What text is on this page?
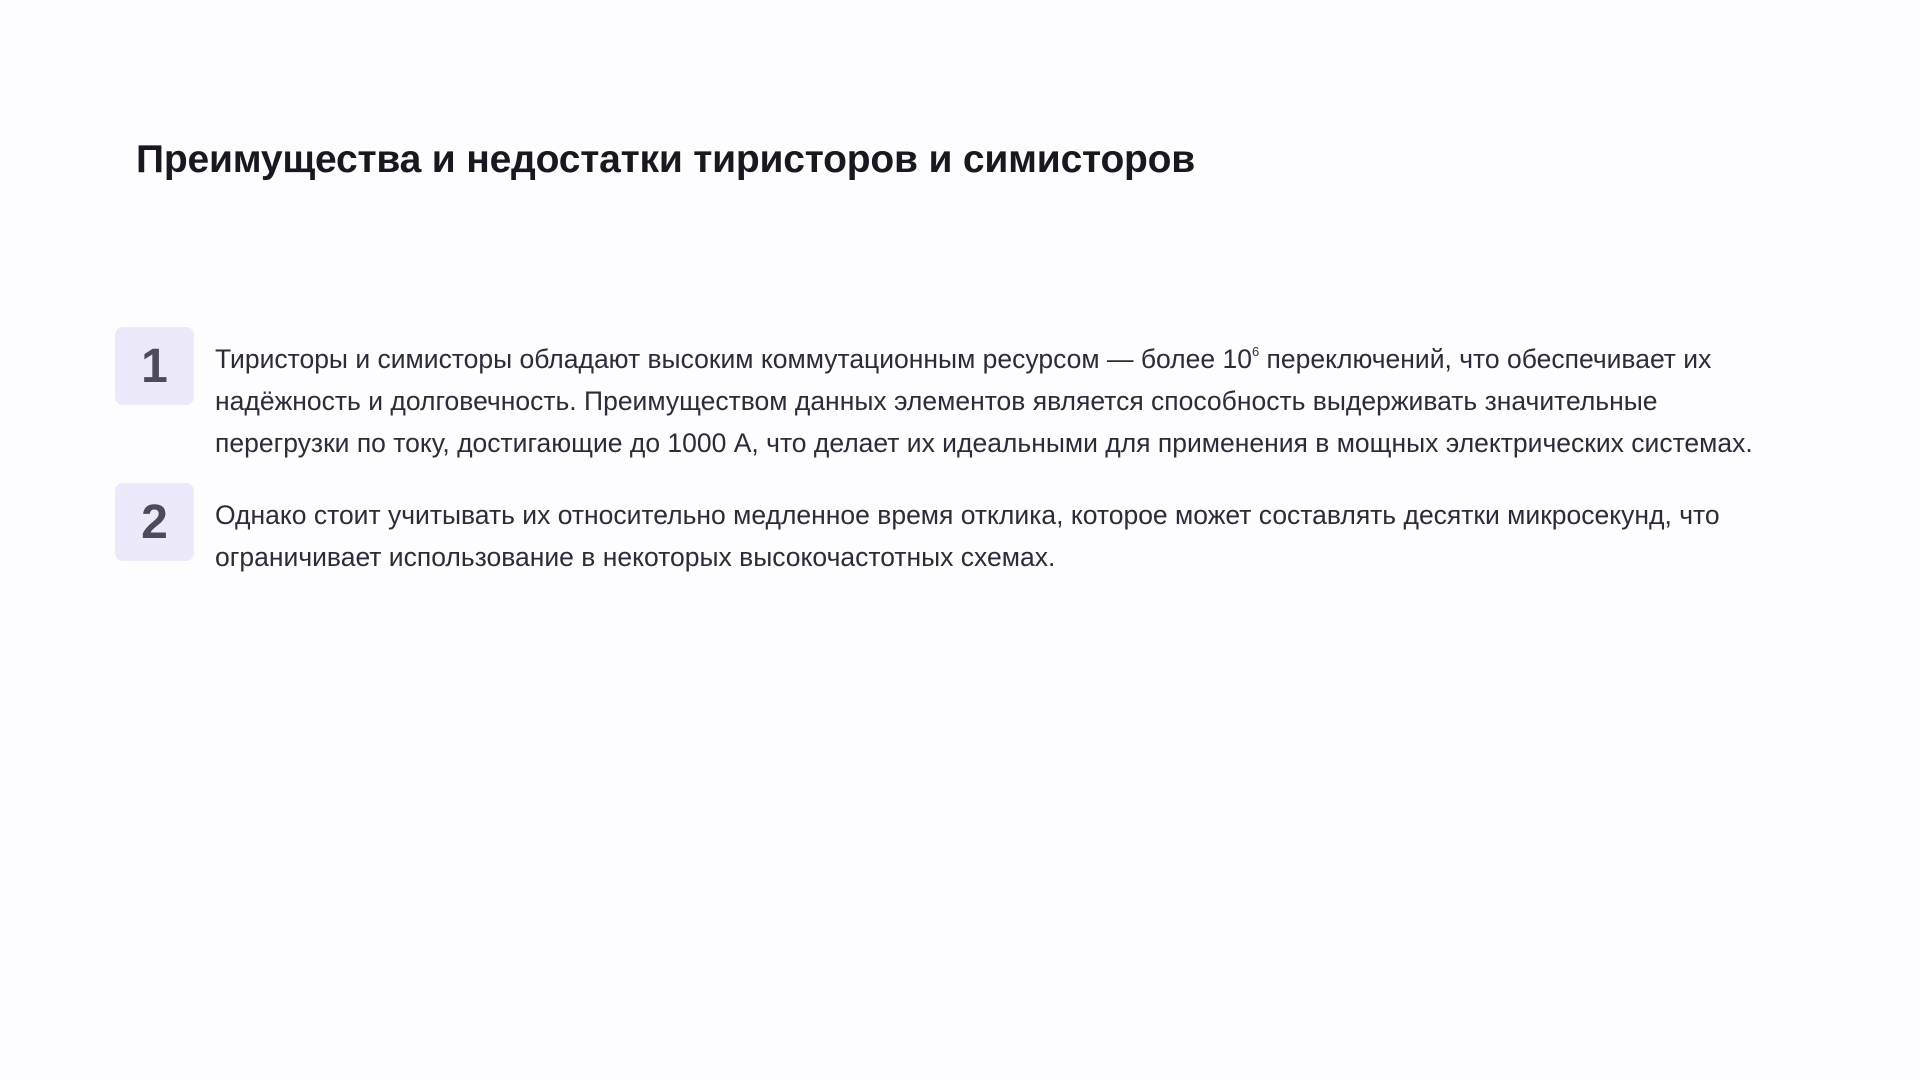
Преимущества и недостатки тиристоров и симисторов
1	Тиристоры и симисторы обладают высоким коммутационным ресурсом — более $10^6$ переключений, что обеспечивает их надёжность и долговечность. Преимуществом данных элементов является способность выдерживать значительные перегрузки по току, достигающие до 1000 А, что делает их идеальными для применения в мощных электрических системах.

2	Однако стоит учитывать их относительно медленное время отклика, которое может составлять десятки микросекунд, что ограничивает использование в некоторых высокочастотных схемах.
